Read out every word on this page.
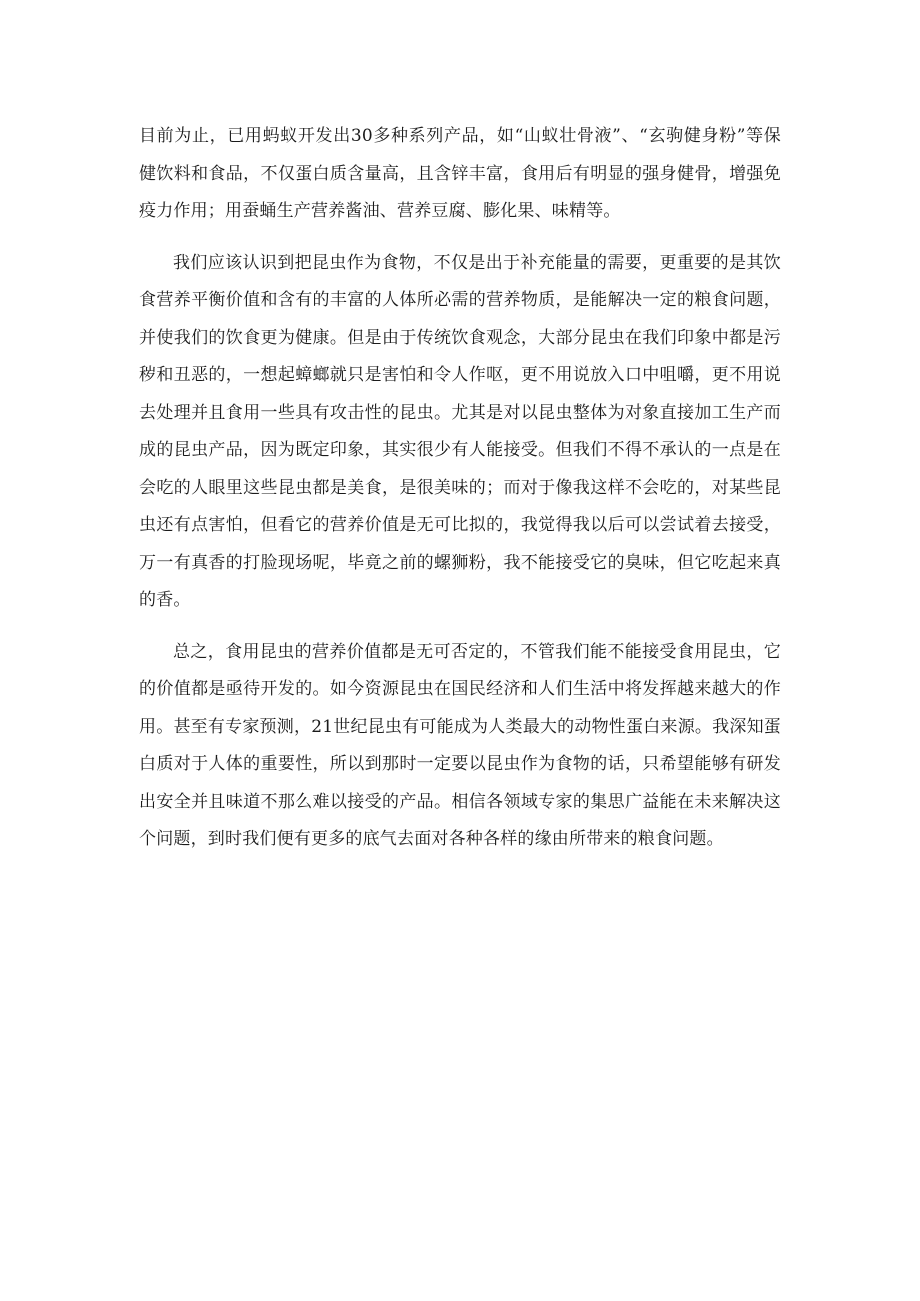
目前为止，已用蚂蚁开发出30多种系列产品，如“山蚁壮骨液”、“玄驹健身粉”等保健饮料和食品，不仅蛋白质含量高，且含锌丰富，食用后有明显的强身健骨，增强免疫力作用；用蚕蛹生产营养酱油、营养豆腐、膨化果、味精等。

我们应该认识到把昆虫作为食物，不仅是出于补充能量的需要，更重要的是其饮食营养平衡价值和含有的丰富的人体所必需的营养物质，是能解决一定的粮食问题，并使我们的饮食更为健康。但是由于传统饮食观念，大部分昆虫在我们印象中都是污秽和丑恶的，一想起蟑螂就只是害怕和令人作呕，更不用说放入口中咀嚼，更不用说去处理并且食用一些具有攻击性的昆虫。尤其是对以昆虫整体为对象直接加工生产而成的昆虫产品，因为既定印象，其实很少有人能接受。但我们不得不承认的一点是在会吃的人眼里这些昆虫都是美食，是很美味的；而对于像我这样不会吃的，对某些昆虫还有点害怕，但看它的营养价值是无可比拟的，我觉得我以后可以尝试着去接受，万一有真香的打脸现场呢，毕竟之前的螺狮粉，我不能接受它的臭味，但它吃起来真的香。

总之，食用昆虫的营养价值都是无可否定的，不管我们能不能接受食用昆虫，它的价值都是亟待开发的。如今资源昆虫在国民经济和人们生活中将发挥越来越大的作用。甚至有专家预测，21世纪昆虫有可能成为人类最大的动物性蛋白来源。我深知蛋白质对于人体的重要性，所以到那时一定要以昆虫作为食物的话，只希望能够有研发出安全并且味道不那么难以接受的产品。相信各领域专家的集思广益能在未来解决这个问题，到时我们便有更多的底气去面对各种各样的缘由所带来的粮食问题。
